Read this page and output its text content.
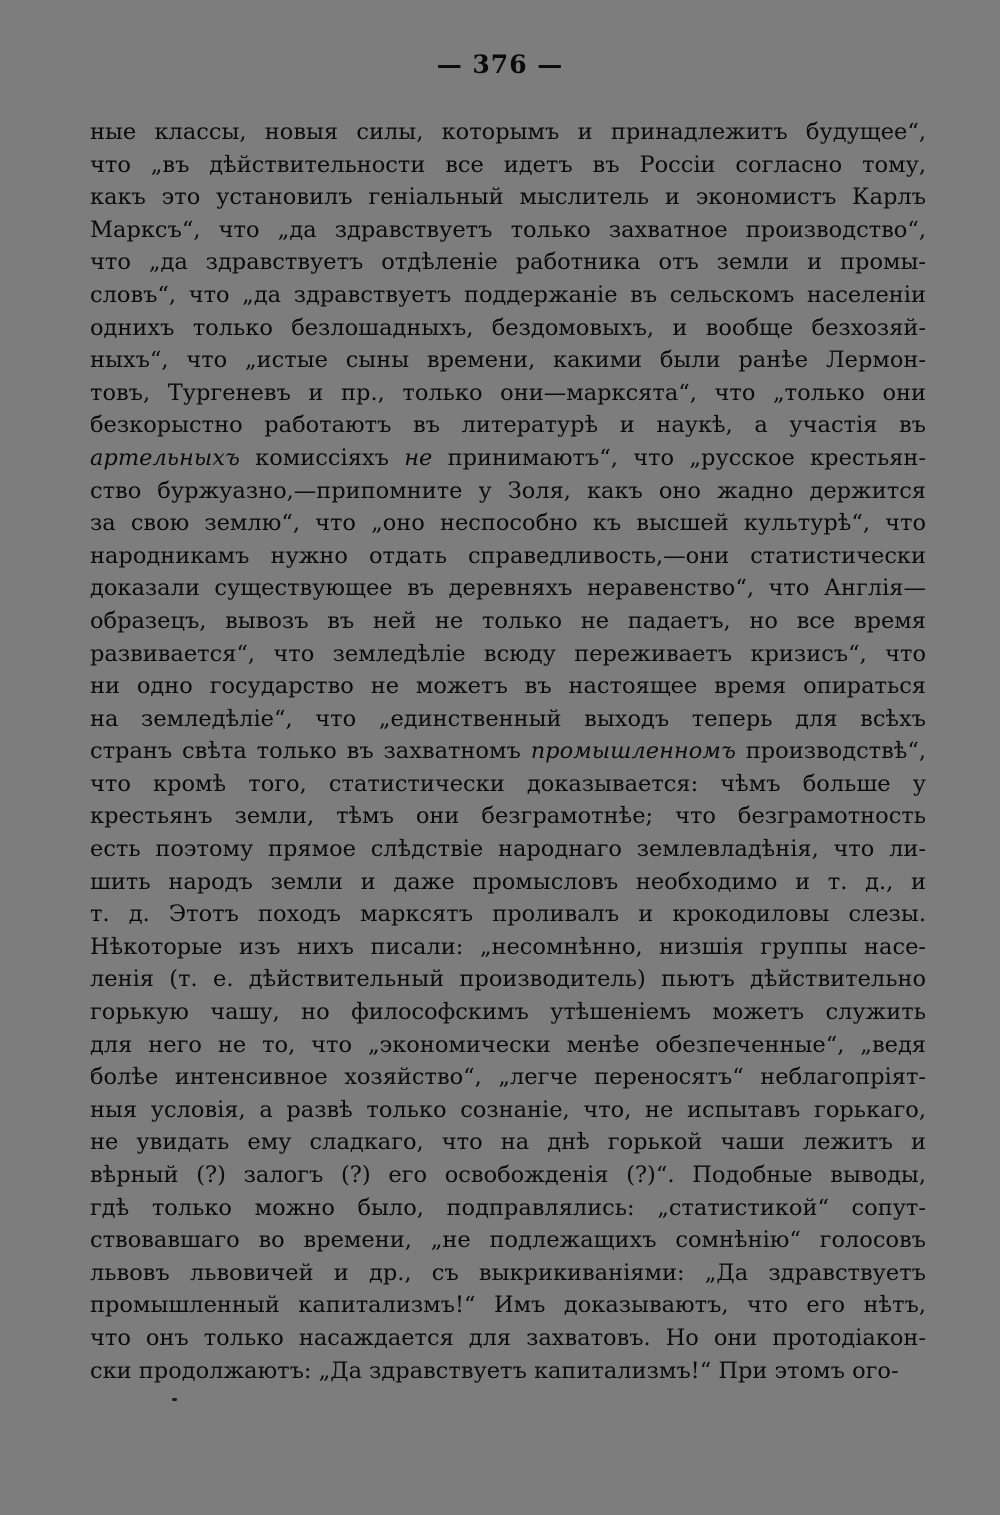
— 376 —
ные классы, новыя силы, которымъ и принадлежитъ будущее“,
что „въ дѣйствительности все идетъ въ Россіи согласно тому,
какъ это установилъ геніальный мыслитель и экономистъ Карлъ
Марксъ“, что „да здравствуетъ только захватное производство“,
что „да здравствуетъ отдѣленіе работника отъ земли и промы-
словъ“, что „да здравствуетъ поддержаніе въ сельскомъ населеніи
однихъ только безлошадныхъ, бездомовыхъ, и вообще безхозяй-
ныхъ“, что „истые сыны времени, какими были ранѣе Лермон-
товъ, Тургеневъ и пр., только они—марксята“, что „только они
безкорыстно работаютъ въ литературѣ и наукѣ, а участія въ
артельныхъ комиссіяхъ не принимаютъ“, что „русское крестьян-
ство буржуазно,—припомните у Золя, какъ оно жадно держится
за свою землю“, что „оно неспособно къ высшей культурѣ“, что
народникамъ нужно отдать справедливость,—они статистически
доказали существующее въ деревняхъ неравенство“, что Англія—
образецъ, вывозъ въ ней не только не падаетъ, но все время
развивается“, что земледѣліе всюду переживаетъ кризисъ“, что
ни одно государство не можетъ въ настоящее время опираться
на земледѣліе“, что „единственный выходъ теперь для всѣхъ
странъ свѣта только въ захватномъ промышленномъ производствѣ“,
что кромѣ того, статистически доказывается: чѣмъ больше у
крестьянъ земли, тѣмъ они безграмотнѣе; что безграмотность
есть поэтому прямое слѣдствіе народнаго землевладѣнія, что ли-
шить народъ земли и даже промысловъ необходимо и т. д., и
т. д. Этотъ походъ марксятъ проливалъ и крокодиловы слезы.
Нѣкоторые изъ нихъ писали: „несомнѣнно, низшія группы насе-
ленія (т. е. дѣйствительный производитель) пьютъ дѣйствительно
горькую чашу, но философскимъ утѣшеніемъ можетъ служить
для него не то, что „экономически менѣе обезпеченные“, „ведя
болѣе интенсивное хозяйство“, „легче переносятъ“ неблагопріят-
ныя условія, а развѣ только сознаніе, что, не испытавъ горькаго,
не увидать ему сладкаго, что на днѣ горькой чаши лежитъ и
вѣрный (?) залогъ (?) его освобожденія (?)“. Подобные выводы,
гдѣ только можно было, подправлялись: „статистикой“ сопут-
ствовавшаго во времени, „не подлежащихъ сомнѣнію“ голосовъ
львовъ львовичей и др., съ выкрикиваніями: „Да здравствуетъ
промышленный капитализмъ!“ Имъ доказываютъ, что его нѣтъ,
что онъ только насаждается для захватовъ. Но они протодіакон-
ски продолжаютъ: „Да здравствуетъ капитализмъ!“ При этомъ ого-
